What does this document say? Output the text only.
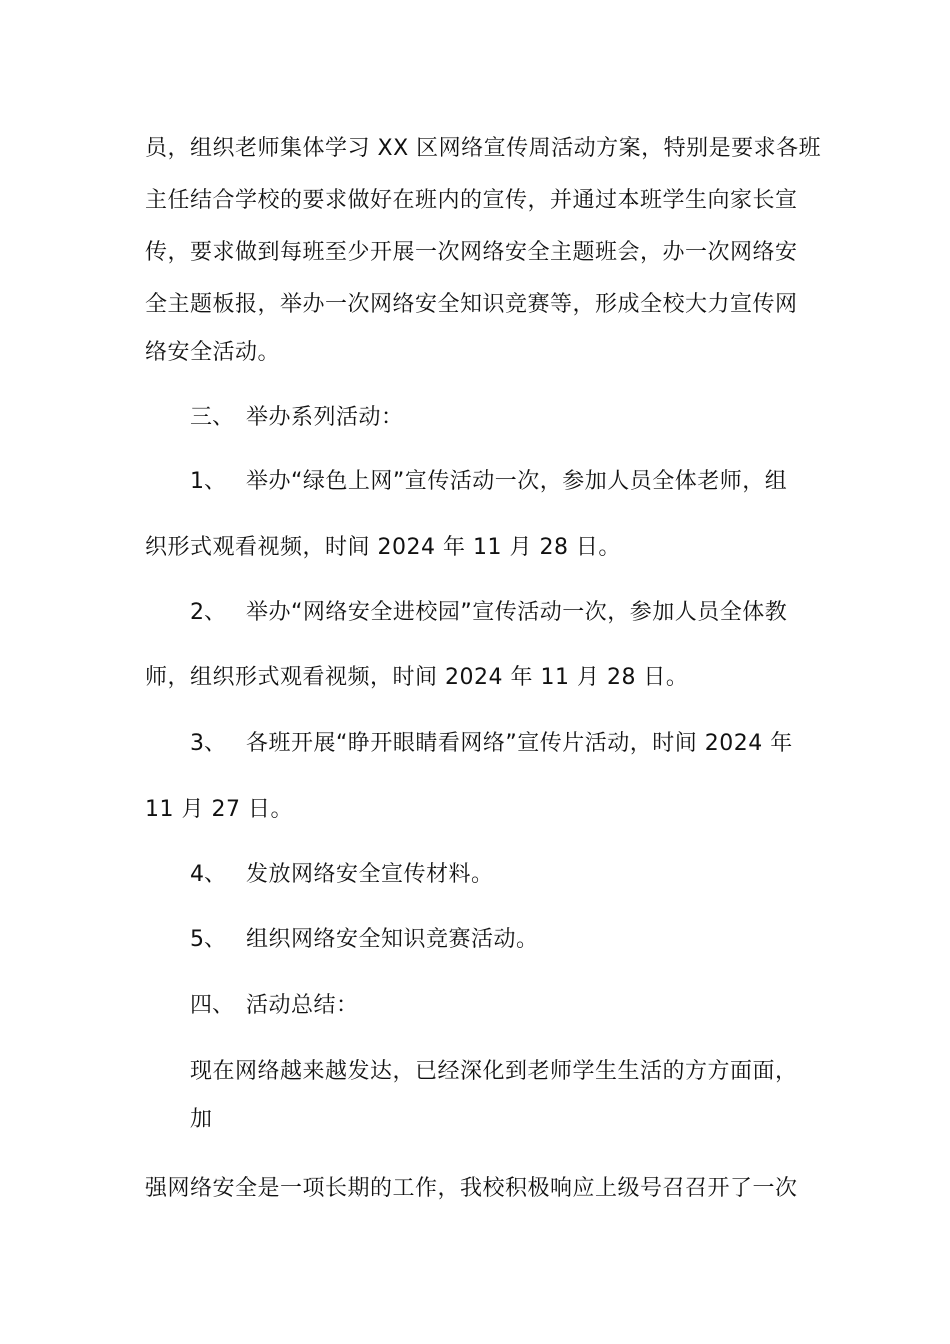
员，组织老师集体学习 XX 区网络宣传周活动方案，特别是要求各班
主任结合学校的要求做好在班内的宣传，并通过本班学生向家长宣
传，要求做到每班至少开展一次网络安全主题班会，办一次网络安
全主题板报，举办一次网络安全知识竞赛等，形成全校大力宣传网
络安全活动。
三、 举办系列活动：
1、 举办“绿色上网”宣传活动一次，参加人员全体老师，组
织形式观看视频，时间 2024 年 11 月 28 日。
2、 举办“网络安全进校园”宣传活动一次，参加人员全体教
师，组织形式观看视频，时间 2024 年 11 月 28 日。
3、 各班开展“睁开眼睛看网络”宣传片活动，时间 2024 年
11 月 27 日。
4、 发放网络安全宣传材料。
5、 组织网络安全知识竞赛活动。
四、 活动总结：
现在网络越来越发达，已经深化到老师学生生活的方方面面，
加
强网络安全是一项长期的工作，我校积极响应上级号召召开了一次
